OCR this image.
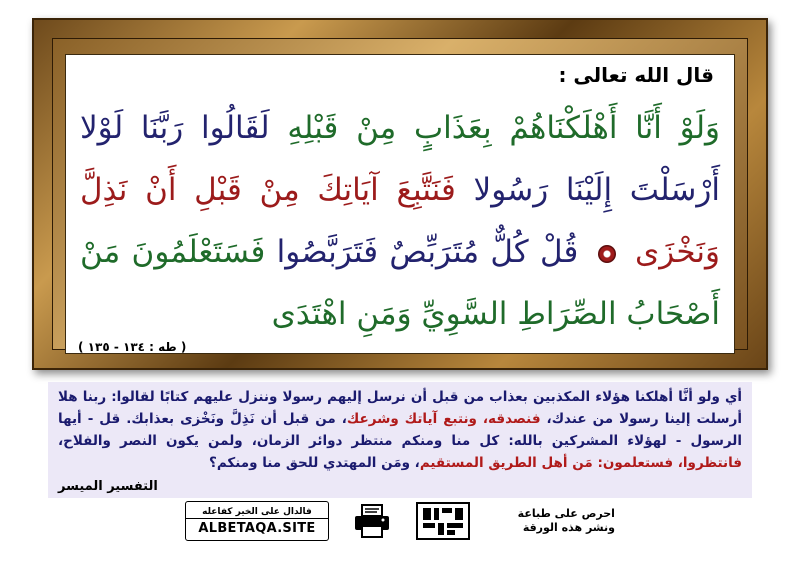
قال الله تعالى :
وَلَوْ أَنَّا أَهْلَكْنَاهُمْ بِعَذَابٍ مِنْ قَبْلِهِ لَقَالُوا رَبَّنَا لَوْلا أَرْسَلْتَ إِلَيْنَا رَسُولا فَنَتَّبِعَ آيَاتِكَ مِنْ قَبْلِ أَنْ نَذِلَّ وَنَخْزَى  قُلْ كُلٌّ مُتَرَبِّصٌ فَتَرَبَّصُوا فَسَتَعْلَمُونَ مَنْ أَصْحَابُ الصِّرَاطِ السَّوِيِّ وَمَنِ اهْتَدَى
( طه : ١٣٤ - ١٣٥ )
أي ولو أنَّا أهلكنا هؤلاء المكذبين بعذاب من قبل أن نرسل إليهم رسولا وننزل عليهم كتابًا لقالوا: ربنا هلا أرسلت إلينا رسولا من عندك، فنصدقه، ونتبع آياتك وشرعك، من قبل أن نَذِلَّ ونَخْزى بعذابك. قل - أيها الرسول - لهؤلاء المشركين بالله: كل منا ومنكم منتظر دوائر الزمان، ولمن يكون النصر والفلاح، فانتظروا، فستعلمون: مَن أهل الطريق المستقيم، ومَن المهتدي للحق منا ومنكم؟
التفسير الميسر
فالدال على الخير كفاعله
ALBETAQA.SITE
احرص على طباعة ونشر هذه الورقة
